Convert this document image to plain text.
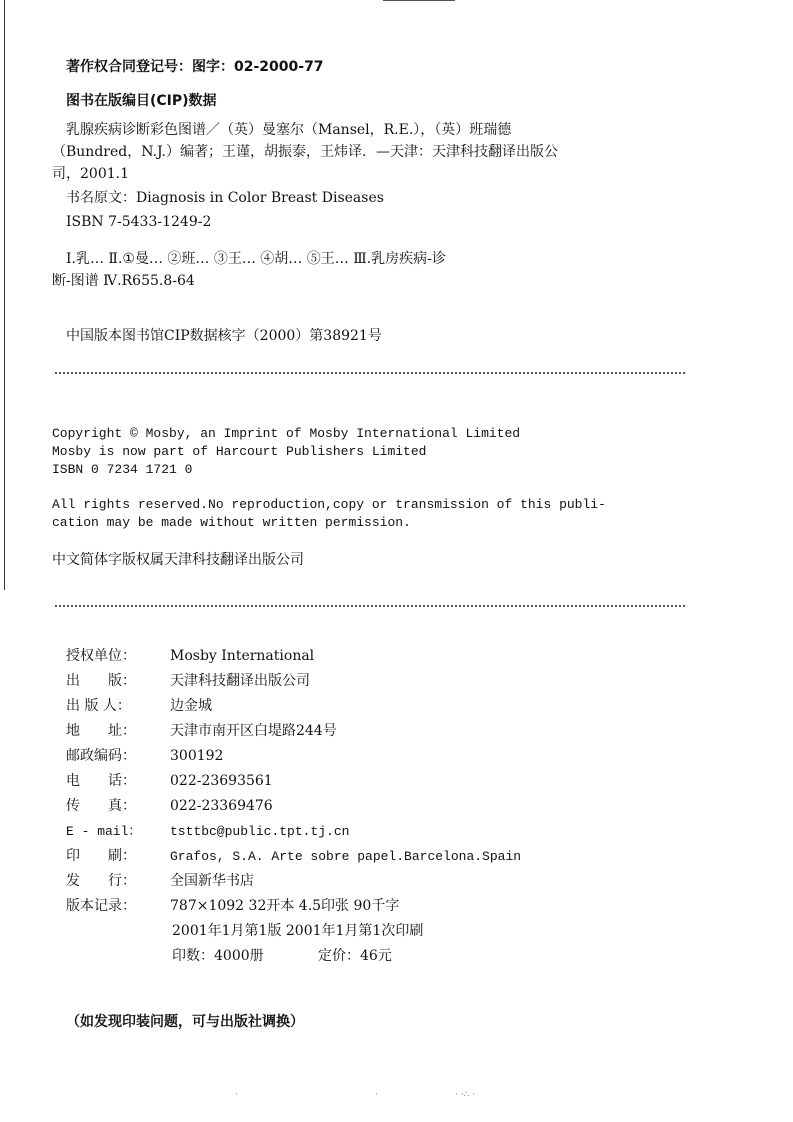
著作权合同登记号：图字：02-2000-77
图书在版编目(CIP)数据
乳腺疾病诊断彩色图谱／（英）曼塞尔（Mansel，R.E.），（英）班瑞德
（Bundred，N.J.）编著；王谨，胡振泰，王炜译．—天津：天津科技翻译出版公
司，2001.1
书名原文：Diagnosis in Color Breast Diseases
ISBN 7-5433-1249-2
Ⅰ.乳… Ⅱ.①曼… ②班… ③王… ④胡… ⑤王… Ⅲ.乳房疾病-诊
断-图谱 Ⅳ.R655.8-64
中国版本图书馆CIP数据核字（2000）第38921号
Copyright © Mosby, an Imprint of Mosby International Limited
Mosby is now part of Harcourt Publishers Limited
ISBN 0 7234 1721 0
All rights reserved.No reproduction,copy or transmission of this publi-
cation may be made without written permission.
中文简体字版权属天津科技翻译出版公司
授权单位： Mosby International
出　　版： 天津科技翻译出版公司
出 版 人：	边金城
地　　址： 天津市南开区白堤路244号
邮政编码： 300192
电　　话： 022-23693561
传　　真： 022-23369476
E - mail： tsttbc@public.tpt.tj.cn
印　　刷：	Grafos, S.A. Arte sobre papel.Barcelona.Spain
发　　行： 全国新华书店
版本记录： 787×1092 32开本 4.5印张 90千字
2001年1月第1版 2001年1月第1次印刷
印数：4000册	定价：46元
（如发现印装问题，可与出版社调换）
·	·	· ·∴ ·
